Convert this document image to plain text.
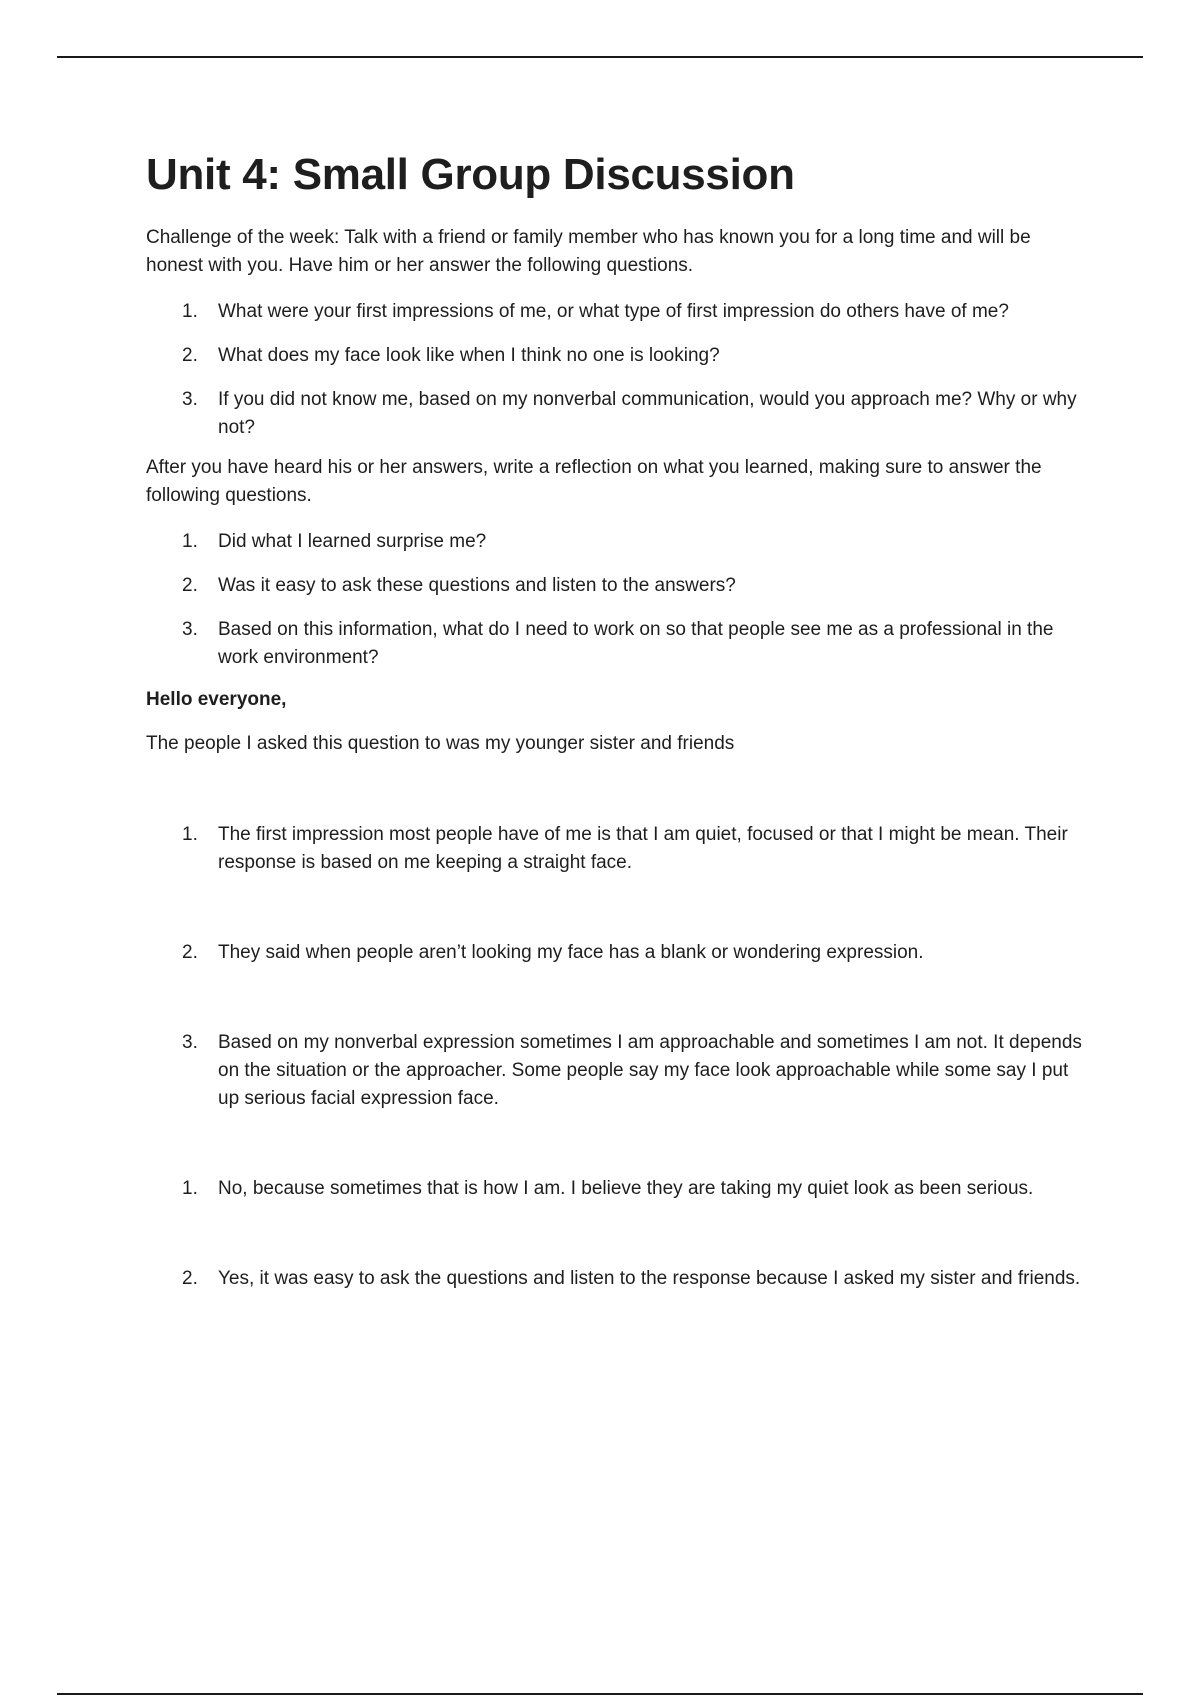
Unit 4: Small Group Discussion

Challenge of the week: Talk with a friend or family member who has known you for a long time and will be honest with you. Have him or her answer the following questions.

1. What were your first impressions of me, or what type of first impression do others have of me?
2. What does my face look like when I think no one is looking?
3. If you did not know me, based on my nonverbal communication, would you approach me? Why or why not?

After you have heard his or her answers, write a reflection on what you learned, making sure to answer the following questions.

1. Did what I learned surprise me?
2. Was it easy to ask these questions and listen to the answers?
3. Based on this information, what do I need to work on so that people see me as a professional in the work environment?

Hello everyone,

The people I asked this question to was my younger sister and friends

1. The first impression most people have of me is that I am quiet, focused or that I might be mean. Their response is based on me keeping a straight face.
2. They said when people aren’t looking my face has a blank or wondering expression.
3. Based on my nonverbal expression sometimes I am approachable and sometimes I am not. It depends on the situation or the approacher. Some people say my face look approachable while some say I put up serious facial expression face.
1. No, because sometimes that is how I am. I believe they are taking my quiet look as been serious.
2. Yes, it was easy to ask the questions and listen to the response because I asked my sister and friends.
